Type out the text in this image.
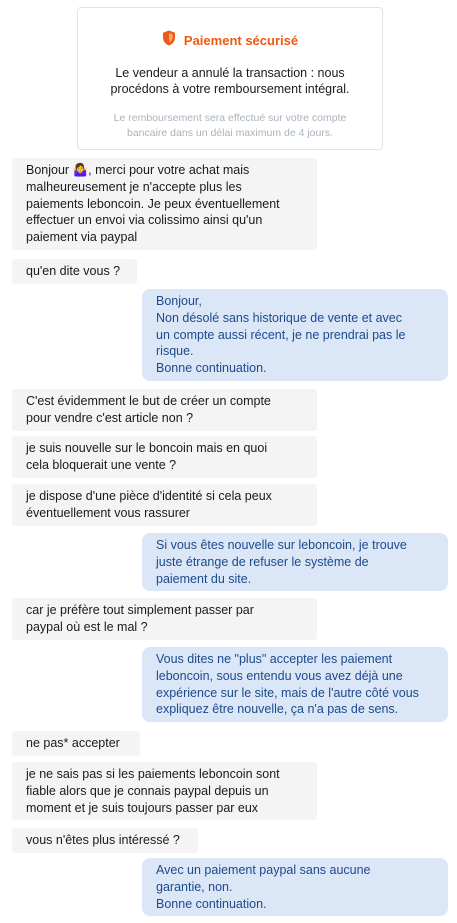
Paiement sécurisé
Le vendeur a annulé la transaction : nous procédons à votre remboursement intégral.
Le remboursement sera effectué sur votre compte bancaire dans un délai maximum de 4 jours.
Bonjour 🤷‍♀️, merci pour votre achat mais
malheureusement je n'accepte plus les
paiements leboncoin. Je peux éventuellement
effectuer un envoi via colissimo ainsi qu'un
paiement via paypal
qu'en dite vous ?
Bonjour,
Non désolé sans historique de vente et avec
un compte aussi récent, je ne prendrai pas le
risque.
Bonne continuation.
C'est évidemment le but de créer un compte
pour vendre c'est article non ?
je suis nouvelle sur le boncoin mais en quoi
cela bloquerait une vente ?
je dispose d'une pièce d'identité si cela peux
éventuellement vous rassurer
Si vous êtes nouvelle sur leboncoin, je trouve
juste étrange de refuser le système de
paiement du site.
car je préfère tout simplement passer par
paypal où est le mal ?
Vous dites ne "plus" accepter les paiement
leboncoin, sous entendu vous avez déjà une
expérience sur le site, mais de l'autre côté vous
expliquez être nouvelle, ça n'a pas de sens.
ne pas* accepter
je ne sais pas si les paiements leboncoin sont
fiable alors que je connais paypal depuis un
moment et je suis toujours passer par eux
vous n'êtes plus intéressé ?
Avec un paiement paypal sans aucune
garantie, non.
Bonne continuation.
